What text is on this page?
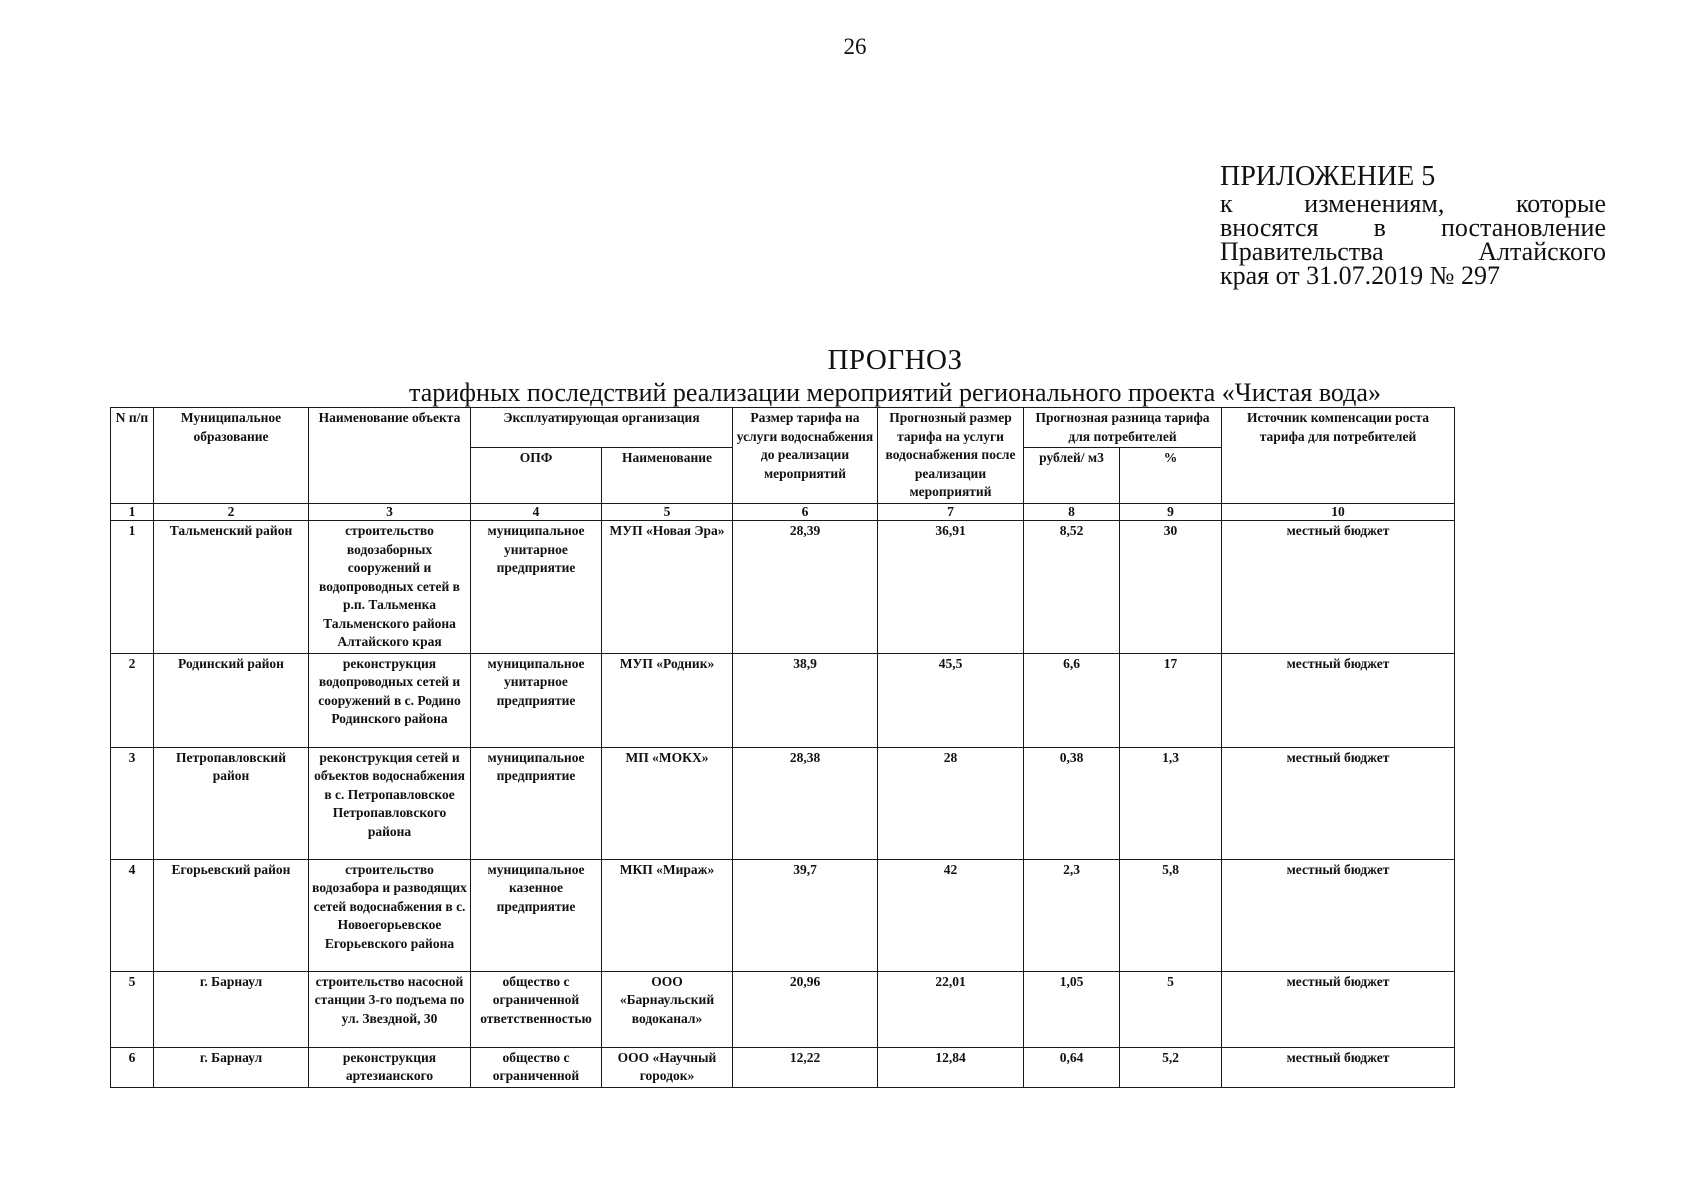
26
ПРИЛОЖЕНИЕ 5
к изменениям, которые
вносятся в постановление
Правительства Алтайского
края от 31.07.2019 № 297
ПРОГНОЗ
тарифных последствий реализации мероприятий регионального проекта «Чистая вода»
N п/п	Муниципальное образование	Наименование объекта	Эксплуатирующая организация		Размер тарифа на услуги водоснабжения до реализации мероприятий	Прогнозный размер тарифа на услуги водоснабжения после реализации мероприятий	Прогнозная разница тарифа для потребителей		Источник компенсации роста тарифа для потребителей
			ОПФ	Наименование			рублей/ м3	%	
1	2	3	4	5	6	7	8	9	10
1	Тальменский район	строительство водозаборных сооружений и водопроводных сетей в р.п. Тальменка Тальменского района Алтайского края	муниципальное унитарное предприятие	МУП «Новая Эра»	28,39	36,91	8,52	30	местный бюджет
2	Родинский район	реконструкция водопроводных сетей и сооружений в с. Родино Родинского района	муниципальное унитарное предприятие	МУП «Родник»	38,9	45,5	6,6	17	местный бюджет
3	Петропавловский район	реконструкция сетей и объектов водоснабжения в с. Петропавловское Петропавловского района	муниципальное предприятие	МП «МОКХ»	28,38	28	0,38	1,3	местный бюджет
4	Егорьевский район	строительство водозабора и разводящих сетей водоснабжения в с. Новоегорьевское Егорьевского района	муниципальное казенное предприятие	МКП «Мираж»	39,7	42	2,3	5,8	местный бюджет
5	г. Барнаул	строительство насосной станции 3-го подъема по ул. Звездной, 30	общество с ограниченной ответственностью	ООО «Барнаульский водоканал»	20,96	22,01	1,05	5	местный бюджет
6	г. Барнаул	реконструкция артезианского	общество с ограниченной	ООО «Научный городок»	12,22	12,84	0,64	5,2	местный бюджет
